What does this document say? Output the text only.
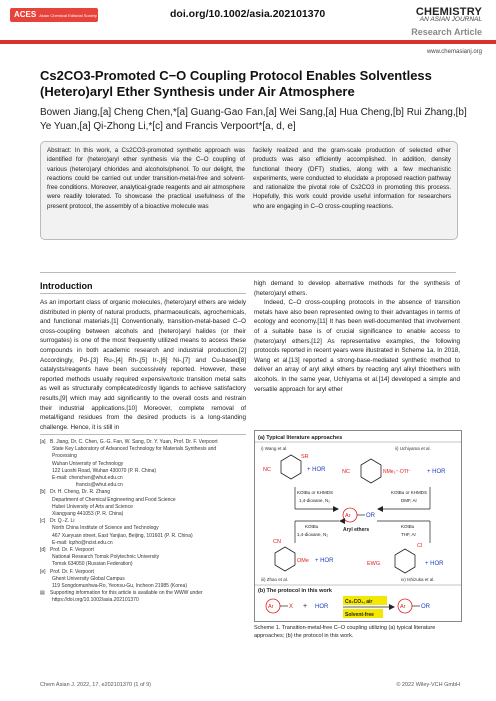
ACES Asian Chemical Editorial Society	doi.org/10.1002/asia.202101370	CHEMISTRY
AN ASIAN JOURNAL
Research Article
www.chemasianj.org
Cs2CO3-Promoted C−O Coupling Protocol Enables Solventless (Hetero)aryl Ether Synthesis under Air Atmosphere
Bowen Jiang,[a] Cheng Chen,*[a] Guang-Gao Fan,[a] Wei Sang,[a] Hua Cheng,[b] Rui Zhang,[b] Ye Yuan,[a] Qi-Zhong Li,*[c] and Francis Verpoort*[a, d, e]
Abstract: In this work, a Cs2CO3-promoted synthetic approach was identified for (hetero)aryl ether synthesis via the C–O coupling of various (hetero)aryl chlorides and alcohols/phenol. To our delight, the reactions could be carried out under transition-metal-free and solvent-free conditions. Moreover, analytical-grade reagents and air atmosphere were readily tolerated. To showcase the practical usefulness of the present protocol, the assembly of a bioactive molecule was
facilely realized and the gram-scale production of selected ether products was also efficiently accomplished. In addition, density functional theory (DFT) studies, along with a few mechanistic experiments, were conducted to elucidate a proposed reaction pathway and rationalize the pivotal role of Cs2CO3 in promoting this process. Hopefully, this work could provide useful information for researchers who are engaging in C–O cross-coupling reactions.
Introduction

As an important class of organic molecules, (hetero)aryl ethers are widely distributed in plenty of natural products, pharmaceuticals, agrochemicals, and functional materials.[1] Conventionally, transition-metal-based C–O cross-coupling between alcohols and (hetero)aryl halides (or their surrogates) is one of the most frequently utilized means to access these compounds in both academic research and industrial production.[2] Accordingly, Pd-,[3] Ru-,[4] Rh-,[5] Ir-,[6] Ni-,[7] and Cu-based[8] catalysts/reagents have been successively reported. However, these reported methods usually required expensive/toxic transition metal salts as well as structurally complicated/costly ligands to achieve satisfactory results,[9] which may add significantly to the overall costs and restrain their industrial applications.[10] Moreover, complete removal of metal/ligand residues from the desired products is a long-standing challenge. Hence, it is still in

high demand to develop alternative methods for the synthesis of (hetero)aryl ethers.

Indeed, C–O cross-coupling protocols in the absence of transition metals have also been represented owing to their advantages in terms of ecology and economy.[11] It has been well-documented that involvement of a suitable base is of crucial significance to enable access to (hetero)aryl ethers.[12] As representative examples, the following protocols reported in recent years were illustrated in Scheme 1a. In 2018, Wang et al.[13] reported a strong-base-mediated synthetic method to deliver an array of aryl alkyl ethers by reacting aryl alkyl thioethers with alcohols. In the same year, Uchiyama et al.[14] developed a simple and versatile approach for aryl ether

[a] B. Jiang, Dr. C. Chen, G.-G. Fan, W. Sang, Dr. Y. Yuan, Prof. Dr. F. Verpoort
State Key Laboratory of Advanced Technology for Materials Synthesis and
Processing
Wuhan University of Technology
122 Luoshi Road, Wuhan 430070 (P. R. China)
E-mail: chenchen@whut.edu.cn
francis@whut.edu.cn
[b] Dr. H. Cheng, Dr. R. Zhang
Department of Chemical Engineering and Food Science
Hubei University of Arts and Science
Xiangyang 441053 (P. R. China)
[c] Dr. Q.-Z. Li
North China Institute of Science and Technology
467 Xueyuan street, East Yanjiao, Beijing, 101601 (P. R. China)
E-mail: lqzho@ncist.edu.cn
[d] Prof. Dr. F. Verpoort
National Research Tomsk Polytechnic University
Tomsk 634050 (Russian Federation)
[e] Prof. Dr. F. Verpoort
Ghent University Global Campus
119 Songdomunhwa-Ro, Yeonsu-Gu, Incheon 21985 (Korea)
▤ Supporting information for this article is available on the WWW under
https://doi.org/10.1002/asia.202101370
(a) Typical literature approaches
i) Wang et al.	ii) Uchiyama et al.
SR
NC	+ HOR	NC	NMe₃⁺·OTf⁻	+ HOR
KOtBu or KHMDS
1,4-dioxane, N₂
KOtBu or KHMDS
DMF, Ar
Ar	OR
Aryl ethers
KOtBu
1,4-dioxane, N₂
KOtBu
THF, Ar
CN
OMe + HOR	EWG
Cl
+ HOR
iii) Zhao et al.	iv) Ishizuka et al.
(b) The protocol in this work
Ar	X + HOR
Cs₂CO₃, air
Solvent-free
Ar	OR
Scheme 1. Transition-metal-free C–O coupling utilizing (a) typical literature approaches; (b) the protocol in this work.
Chem Asian J. 2022, 17, e202101370 (1 of 9)	© 2022 Wiley-VCH GmbH
